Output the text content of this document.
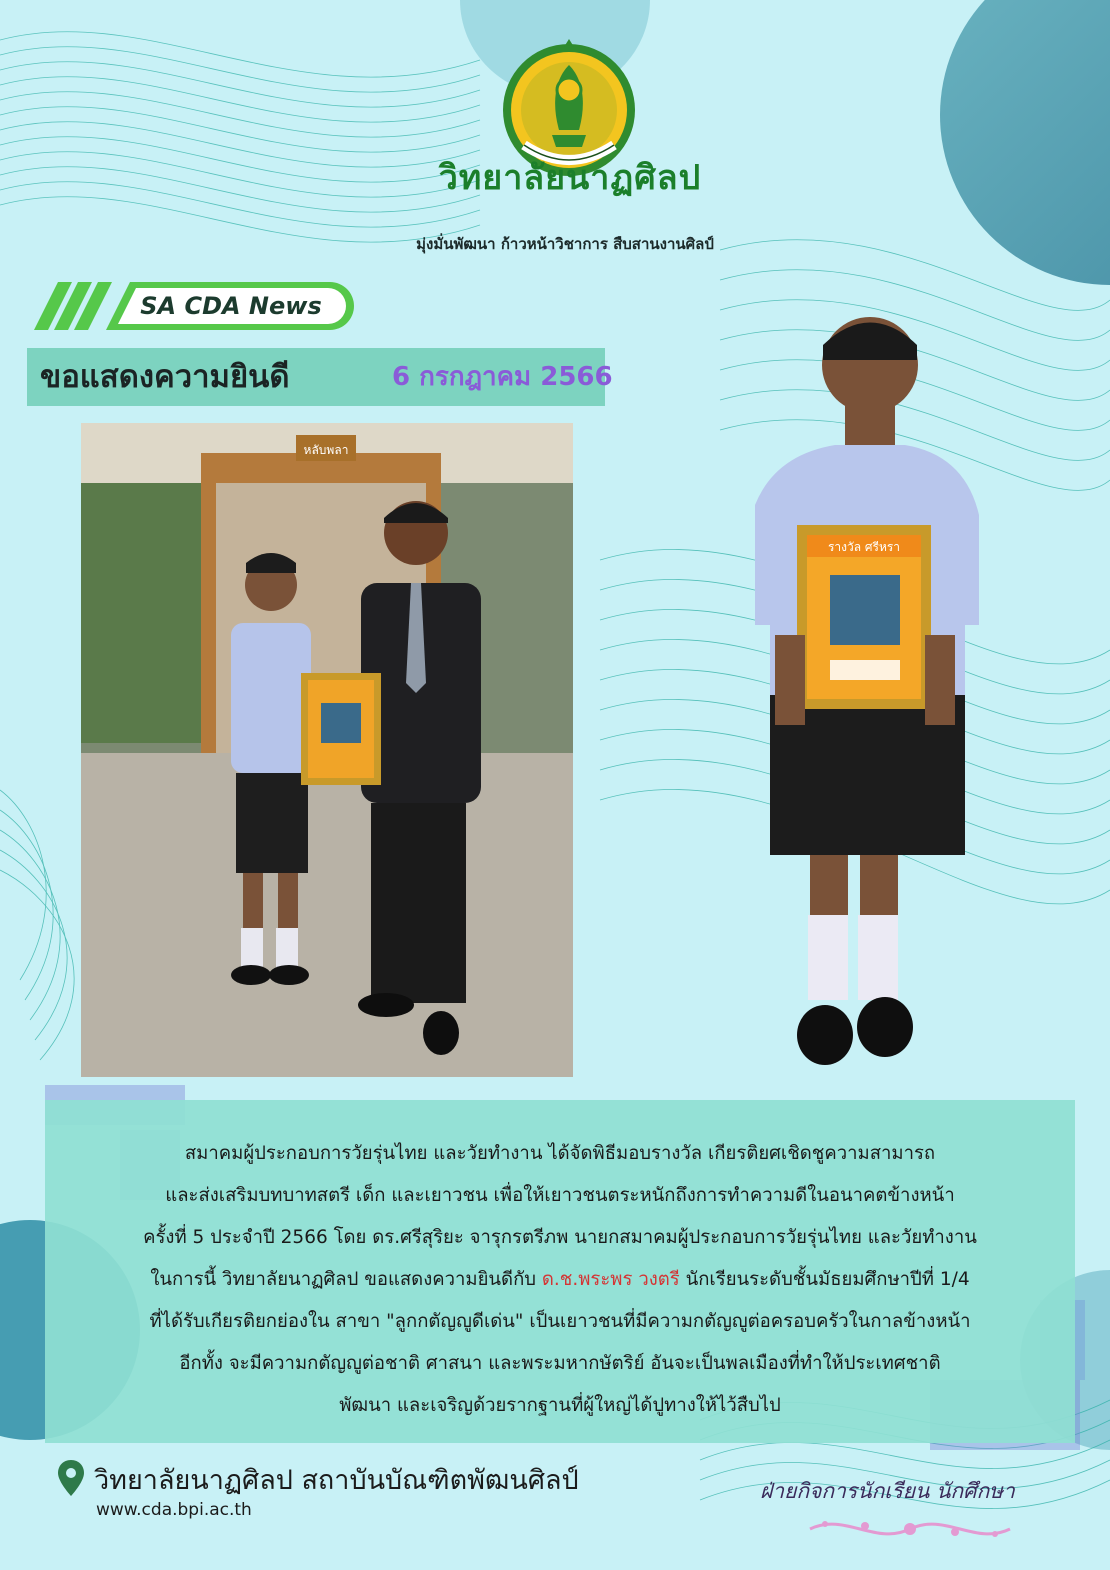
วิทยาลัยนาฏศิลป
มุ่งมั่นพัฒนา ก้าวหน้าวิชาการ สืบสานงานศิลป์
SA CDA News
ขอแสดงความยินดี	6 กรกฎาคม 2566
หลับพลา
รางวัล ศรีหรา
สมาคมผู้ประกอบการวัยรุ่นไทย และวัยทำงาน ได้จัดพิธีมอบรางวัล เกียรติยศเชิดชูความสามารถ
และส่งเสริมบทบาทสตรี เด็ก และเยาวชน เพื่อให้เยาวชนตระหนักถึงการทำความดีในอนาคตข้างหน้า
ครั้งที่ 5 ประจำปี 2566 โดย ดร.ศรีสุริยะ จารุกรตรีภพ นายกสมาคมผู้ประกอบการวัยรุ่นไทย และวัยทำงาน
ในการนี้ วิทยาลัยนาฏศิลป ขอแสดงความยินดีกับ ด.ช.พระพร วงตรี นักเรียนระดับชั้นมัธยมศึกษาปีที่ 1/4
ที่ได้รับเกียรติยกย่องใน สาขา "ลูกกตัญญูดีเด่น" เป็นเยาวชนที่มีความกตัญญูต่อครอบครัวในกาลข้างหน้า
อีกทั้ง จะมีความกตัญญูต่อชาติ ศาสนา และพระมหากษัตริย์ อันจะเป็นพลเมืองที่ทำให้ประเทศชาติ
พัฒนา และเจริญด้วยรากฐานที่ผู้ใหญ่ได้ปูทางให้ไว้สืบไป
วิทยาลัยนาฏศิลป สถาบันบัณฑิตพัฒนศิลป์
www.cda.bpi.ac.th
ฝ่ายกิจการนักเรียน นักศึกษา
